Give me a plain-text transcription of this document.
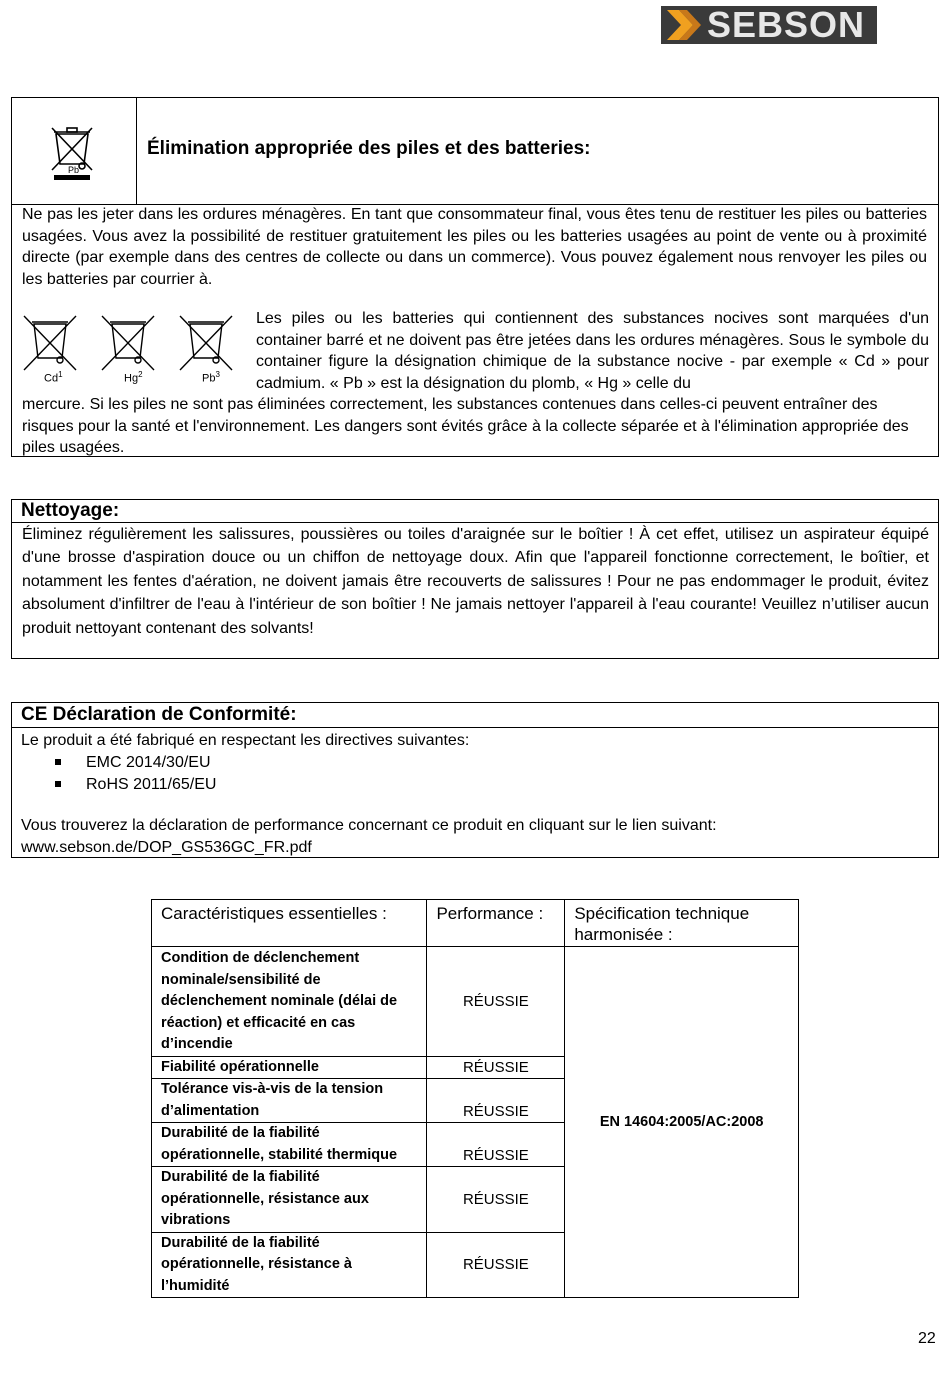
SEBSON
Pb
Élimination appropriée des piles et des batteries:

Ne pas les jeter dans les ordures ménagères. En tant que consommateur final, vous êtes tenu de restituer les piles ou batteries usagées. Vous avez la possibilité de restituer gratuitement les piles ou les batteries usagées au point de vente ou à proximité directe (par exemple dans des centres de collecte ou dans un commerce). Vous pouvez également nous renvoyer les piles ou les batteries par courrier à.

Cd$^1$	Hg$^2$	Pb$^3$

Les piles ou les batteries qui contiennent des substances nocives sont marquées d'un container barré et ne doivent pas être jetées dans les ordures ménagères. Sous le symbole du container figure la désignation chimique de la substance nocive - par exemple « Cd » pour cadmium. « Pb » est la désignation du plomb, « Hg » celle du

mercure. Si les piles ne sont pas éliminées correctement, les substances contenues dans celles-ci peuvent entraîner des risques pour la santé et l'environnement. Les dangers sont évités grâce à la collecte séparée et à l'élimination appropriée des piles usagées.

Nettoyage:

Éliminez régulièrement les salissures, poussières ou toiles d'araignée sur le boîtier ! À cet effet, utilisez un aspirateur équipé d'une brosse d'aspiration douce ou un chiffon de nettoyage doux. Afin que l'appareil fonctionne correctement, le boîtier, et notamment les fentes d'aération, ne doivent jamais être recouverts de salissures ! Pour ne pas endommager le produit, évitez absolument d'infiltrer de l'eau à l'intérieur de son boîtier ! Ne jamais nettoyer l'appareil à l'eau courante! Veuillez n’utiliser aucun produit nettoyant contenant des solvants!

CE Déclaration de Conformité:

Le produit a été fabriqué en respectant les directives suivantes:

EMC 2014/30/EU
RoHS 2011/65/EU

Vous trouverez la déclaration de performance concernant ce produit en cliquant sur le lien suivant:

www.sebson.de/DOP_GS536GC_FR.pdf

Caractéristiques essentielles :	Performance :	Spécification technique harmonisée :
Condition de déclenchement nominale/sensibilité de déclenchement nominale (délai de réaction) et efficacité en cas d’incendie	RÉUSSIE	EN 14604:2005/AC:2008
Fiabilité opérationnelle	RÉUSSIE	
Tolérance vis-à-vis de la tension d’alimentation	RÉUSSIE	
Durabilité de la fiabilité opérationnelle, stabilité thermique	RÉUSSIE	
Durabilité de la fiabilité opérationnelle, résistance aux vibrations	RÉUSSIE	
Durabilité de la fiabilité opérationnelle, résistance à l’humidité	RÉUSSIE	
22
